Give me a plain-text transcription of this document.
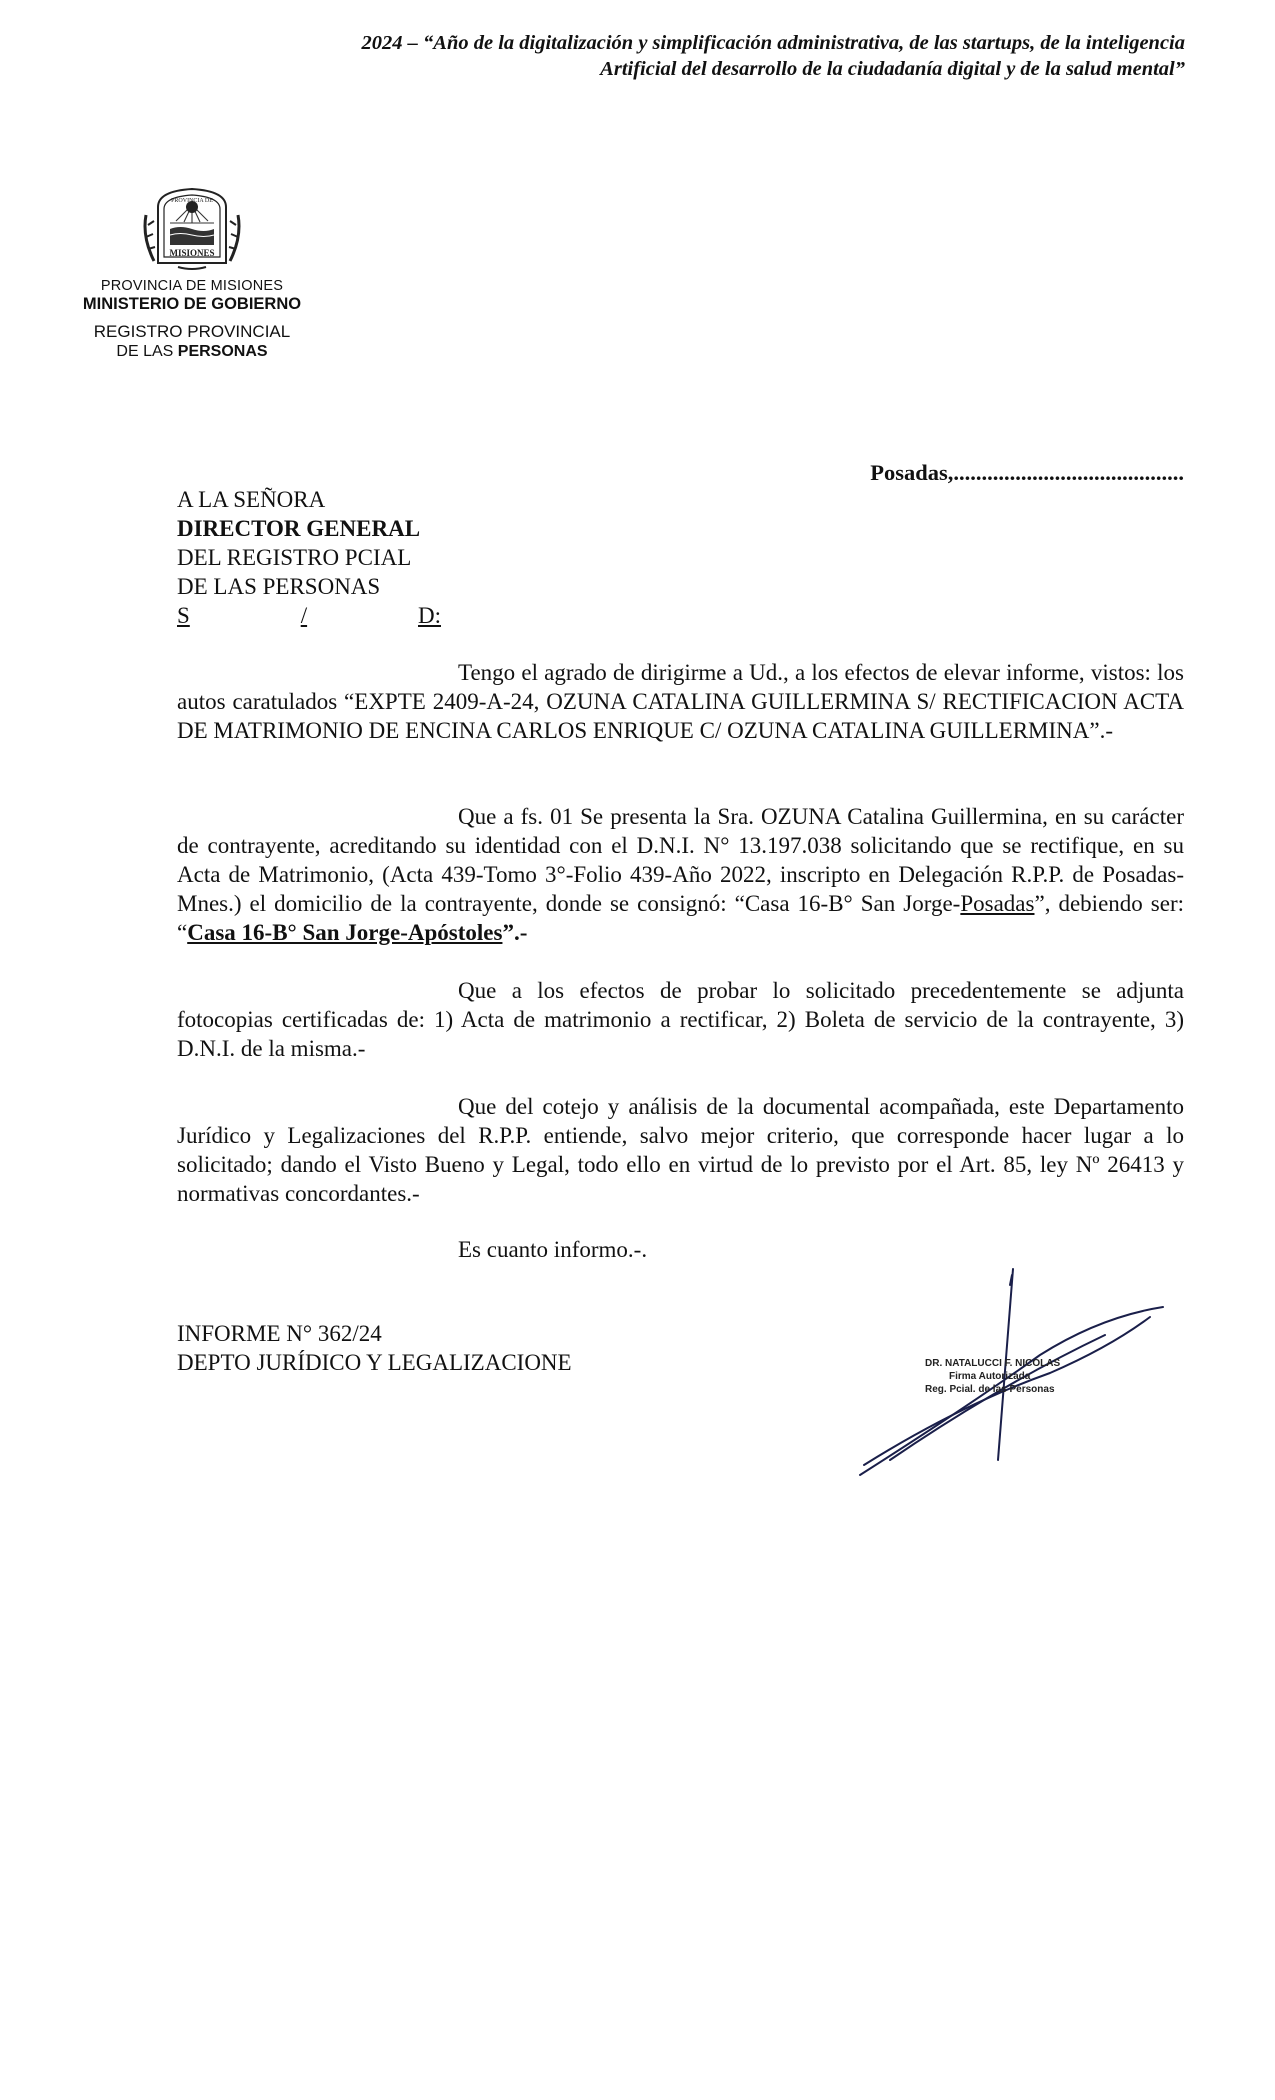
2024 – “Año de la digitalización y simplificación administrativa, de las startups, de la inteligencia
Artificial del desarrollo de la ciudadanía digital y de la salud mental”
PROVINCIA DE
MISIONES
PROVINCIA DE MISIONES
MINISTERIO DE GOBIERNO
REGISTRO PROVINCIAL
DE LAS PERSONAS
Posadas,.........................................
A LA SEÑORA
DIRECTOR GENERAL
DEL REGISTRO PCIAL
DE LAS PERSONAS
S	/	D:
Tengo el agrado de dirigirme a Ud., a los efectos de elevar informe, vistos: los autos caratulados “EXPTE 2409-A-24, OZUNA CATALINA GUILLERMINA S/ RECTIFICACION ACTA DE MATRIMONIO DE ENCINA CARLOS ENRIQUE C/ OZUNA CATALINA GUILLERMINA”.-
Que a fs. 01 Se presenta la Sra. OZUNA Catalina Guillermina, en su carácter de contrayente, acreditando su identidad con el D.N.I. N° 13.197.038 solicitando que se rectifique, en su Acta de Matrimonio, (Acta 439-Tomo 3°-Folio 439-Año 2022, inscripto en Delegación R.P.P. de Posadas-Mnes.) el domicilio de la contrayente, donde se consignó: “Casa 16-B° San Jorge-Posadas”, debiendo ser: “Casa 16-B° San Jorge-Apóstoles”.-
Que a los efectos de probar lo solicitado precedentemente se adjunta fotocopias certificadas de: 1) Acta de matrimonio a rectificar, 2) Boleta de servicio de la contrayente, 3) D.N.I. de la misma.-
Que del cotejo y análisis de la documental acompañada, este Departamento Jurídico y Legalizaciones del R.P.P. entiende, salvo mejor criterio, que corresponde hacer lugar a lo solicitado; dando el Visto Bueno y Legal, todo ello en virtud de lo previsto por el Art. 85, ley Nº 26413 y normativas concordantes.-
Es cuanto informo.-.
INFORME N° 362/24
DEPTO JURÍDICO Y LEGALIZACIONE	DR. NATALUCCI F. NICOLAS
Firma Autorizada
Reg. Pcial. de las Personas
